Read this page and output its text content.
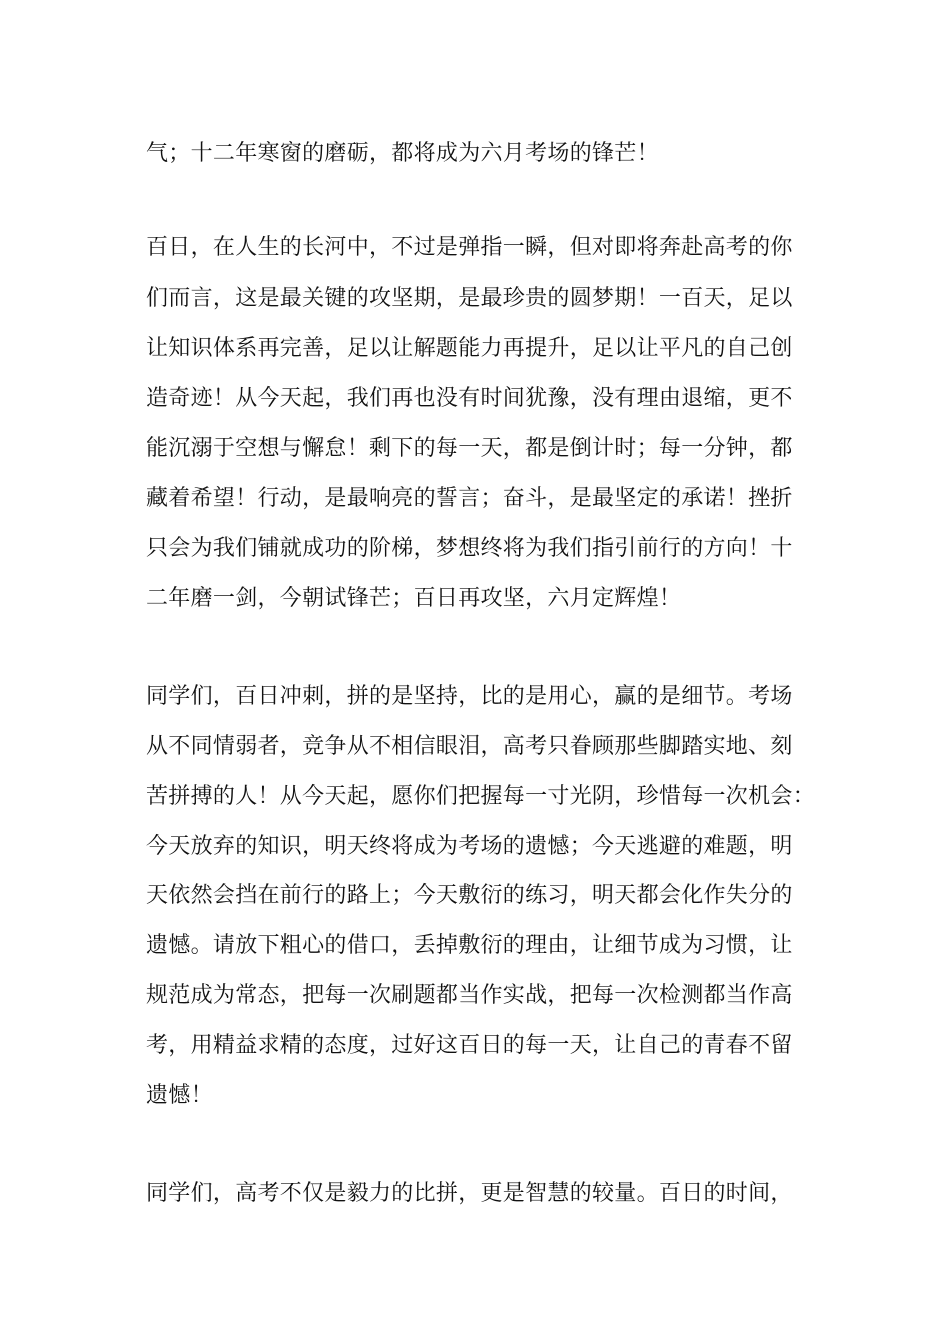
气；十二年寒窗的磨砺，都将成为六月考场的锋芒！

百日，在人生的长河中，不过是弹指一瞬，但对即将奔赴高考的你

们而言，这是最关键的攻坚期，是最珍贵的圆梦期！一百天，足以

让知识体系再完善，足以让解题能力再提升，足以让平凡的自己创

造奇迹！从今天起，我们再也没有时间犹豫，没有理由退缩，更不

能沉溺于空想与懈怠！剩下的每一天，都是倒计时；每一分钟，都

藏着希望！行动，是最响亮的誓言；奋斗，是最坚定的承诺！挫折

只会为我们铺就成功的阶梯，梦想终将为我们指引前行的方向！十

二年磨一剑，今朝试锋芒；百日再攻坚，六月定辉煌！

同学们，百日冲刺，拼的是坚持，比的是用心，赢的是细节。考场

从不同情弱者，竞争从不相信眼泪，高考只眷顾那些脚踏实地、刻

苦拼搏的人！从今天起，愿你们把握每一寸光阴，珍惜每一次机会：

今天放弃的知识，明天终将成为考场的遗憾；今天逃避的难题，明

天依然会挡在前行的路上；今天敷衍的练习，明天都会化作失分的

遗憾。请放下粗心的借口，丢掉敷衍的理由，让细节成为习惯，让

规范成为常态，把每一次刷题都当作实战，把每一次检测都当作高

考，用精益求精的态度，过好这百日的每一天，让自己的青春不留

遗憾！

同学们，高考不仅是毅力的比拼，更是智慧的较量。百日的时间，
